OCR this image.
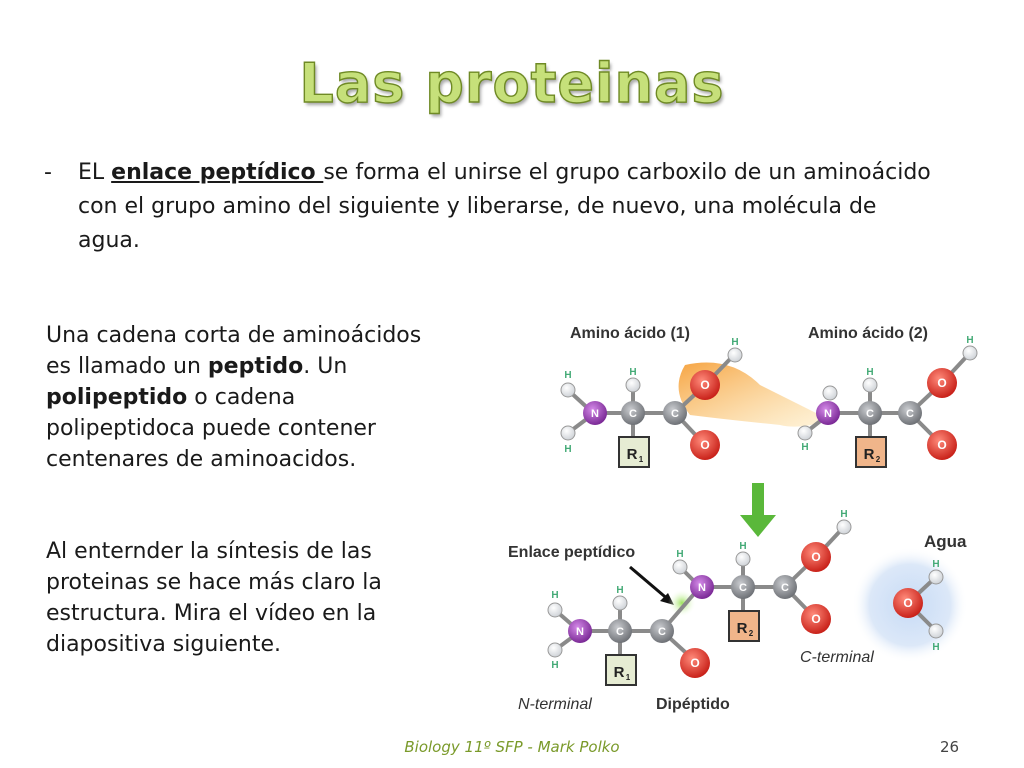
Las proteinas
- EL enlace peptídico se forma el unirse el grupo carboxilo de un aminoácido con el grupo amino del siguiente y liberarse, de nuevo, una molécula de agua.
Una cadena corta de aminoácidos es llamado un peptido. Un polipeptido o cadena polipeptidoca puede contener centenares de aminoacidos.
Al enternder la síntesis de las proteinas se hace más claro la estructura. Mira el vídeo en la diapositiva siguiente.
Amino ácido (1)	Amino ácido (2)
H
H
N
H
C	C
O
O
H
R 1
H
N
H
C	C
O
O
H
R 2
Enlace peptídico
Agua
C-terminal
N-terminal	Dipéptido
H
H
N
H
C	C
O
H
N
H
C	C
O
O
H
R 1
R 2
O
H
H
Biology 11º SFP - Mark Polko	26
